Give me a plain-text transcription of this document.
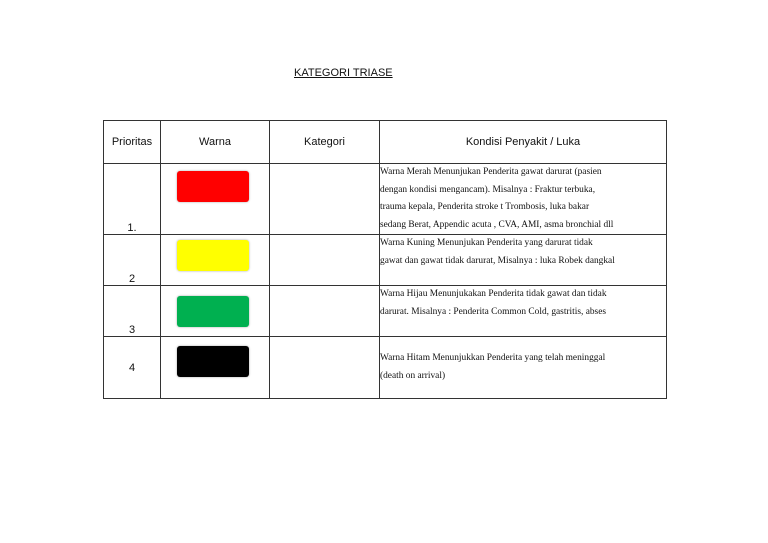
KATEGORI TRIASE
Prioritas	Warna	Kategori	Kondisi Penyakit / Luka
1.			Warna Merah Menunjukan Penderita gawat darurat (pasien
dengan kondisi mengancam). Misalnya : Fraktur terbuka,
trauma kepala, Penderita stroke t Trombosis, luka bakar
sedang Berat, Appendic acuta , CVA, AMI, asma bronchial dll

2			Warna Kuning Menunjukan Penderita yang darurat tidak
gawat dan gawat tidak darurat, Misalnya : luka Robek dangkal

3			Warna Hijau Menunjukakan Penderita tidak gawat dan tidak
darurat. Misalnya : Penderita Common Cold, gastritis, abses

4			Warna Hitam Menunjukkan Penderita yang telah meninggal
(death on arrival)
